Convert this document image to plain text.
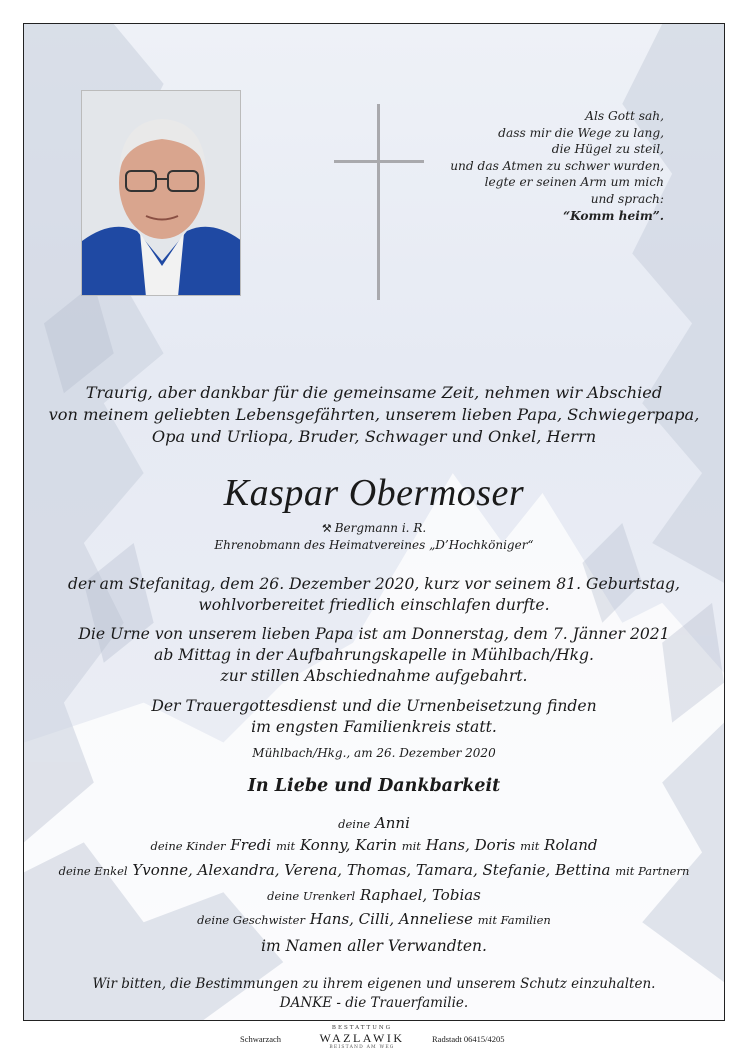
Als Gott sah,
dass mir die Wege zu lang,
die Hügel zu steil,
und das Atmen zu schwer wurden,
legte er seinen Arm um mich
und sprach:
“Komm heim”.
Traurig, aber dankbar für die gemeinsame Zeit, nehmen wir Abschied
von meinem geliebten Lebensgefährten, unserem lieben Papa, Schwiegerpapa,
Opa und Urliopa, Bruder, Schwager und Onkel, Herrn
Kaspar Obermoser
⚒ Bergmann i. R.
Ehrenobmann des Heimatvereines „D’Hochköniger“
der am Stefanitag, dem 26. Dezember 2020, kurz vor seinem 81. Geburtstag,
wohlvorbereitet friedlich einschlafen durfte.
Die Urne von unserem lieben Papa ist am Donnerstag, dem 7. Jänner 2021
ab Mittag in der Aufbahrungskapelle in Mühlbach/Hkg.
zur stillen Abschiednahme aufgebahrt.
Der Trauergottesdienst und die Urnenbeisetzung finden
im engsten Familienkreis statt.
Mühlbach/Hkg., am 26. Dezember 2020
In Liebe und Dankbarkeit
deine Anni
deine Kinder Fredi mit Konny, Karin mit Hans, Doris mit Roland
deine Enkel Yvonne, Alexandra, Verena, Thomas, Tamara, Stefanie, Bettina mit Partnern
deine Urenkerl Raphael, Tobias
deine Geschwister Hans, Cilli, Anneliese mit Familien
im Namen aller Verwandten.
Wir bitten, die Bestimmungen zu ihrem eigenen und unserem Schutz einzuhalten.
DANKE - die Trauerfamilie.
Schwarzach
BESTATTUNG
WAZLAWIK
BEISTAND AM WEG
Radstadt 06415/4205
